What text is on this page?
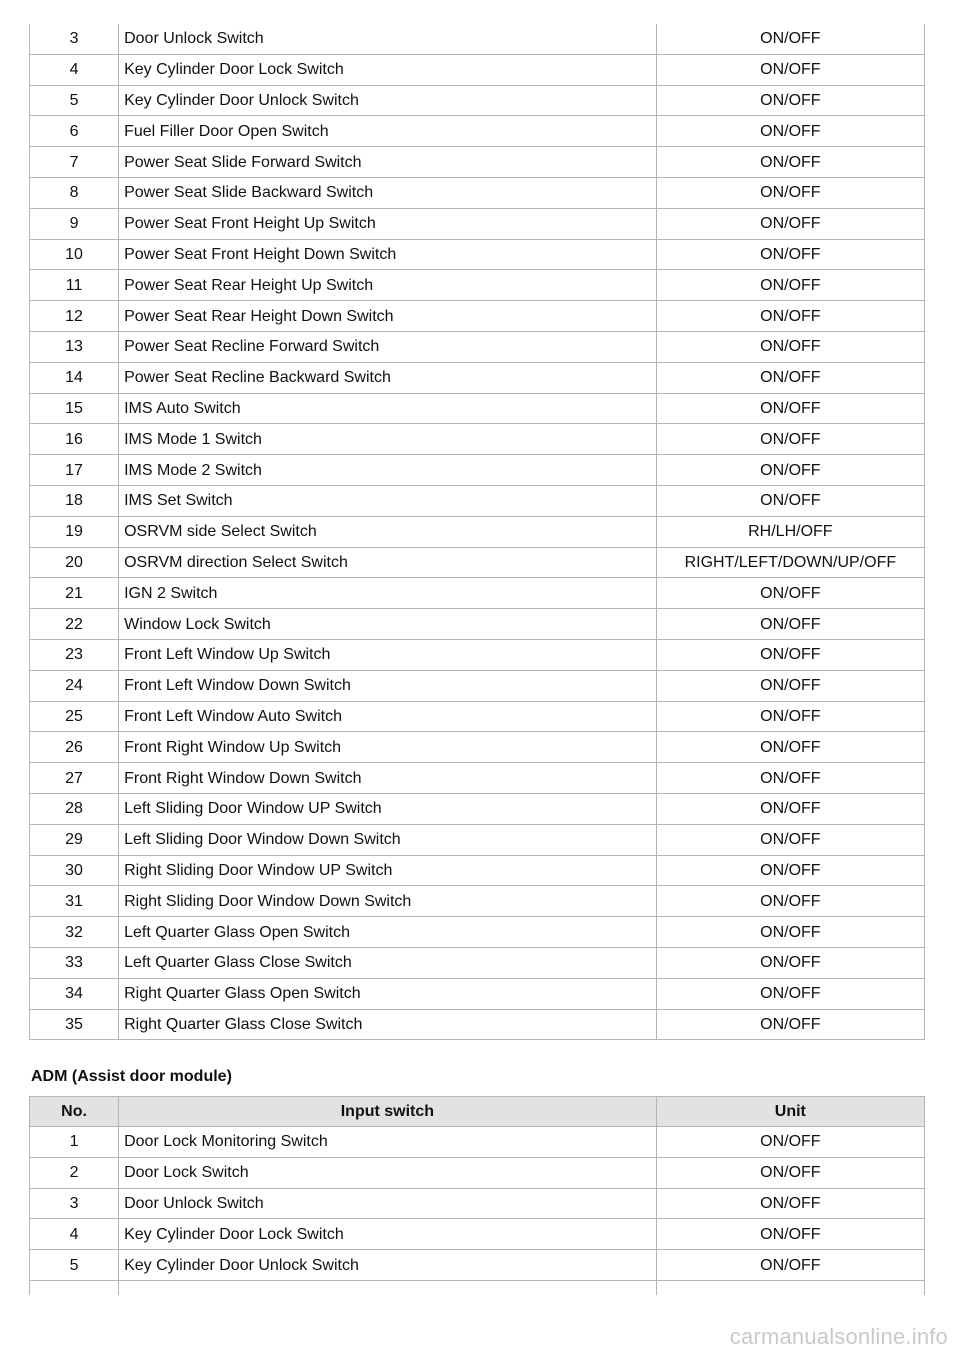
3	Door Unlock Switch	ON/OFF
4	Key Cylinder Door Lock Switch	ON/OFF
5	Key Cylinder Door Unlock Switch	ON/OFF
6	Fuel Filler Door Open Switch	ON/OFF
7	Power Seat Slide Forward Switch	ON/OFF
8	Power Seat Slide Backward Switch	ON/OFF
9	Power Seat Front Height Up Switch	ON/OFF
10	Power Seat Front Height Down Switch	ON/OFF
11	Power Seat Rear Height Up Switch	ON/OFF
12	Power Seat Rear Height Down Switch	ON/OFF
13	Power Seat Recline Forward Switch	ON/OFF
14	Power Seat Recline Backward Switch	ON/OFF
15	IMS Auto Switch	ON/OFF
16	IMS Mode 1 Switch	ON/OFF
17	IMS Mode 2 Switch	ON/OFF
18	IMS Set Switch	ON/OFF
19	OSRVM side Select Switch	RH/LH/OFF
20	OSRVM direction Select Switch	RIGHT/LEFT/DOWN/UP/OFF
21	IGN 2 Switch	ON/OFF
22	Window Lock Switch	ON/OFF
23	Front Left Window Up Switch	ON/OFF
24	Front Left Window Down Switch	ON/OFF
25	Front Left Window Auto Switch	ON/OFF
26	Front Right Window Up Switch	ON/OFF
27	Front Right Window Down Switch	ON/OFF
28	Left Sliding Door Window UP Switch	ON/OFF
29	Left Sliding Door Window Down Switch	ON/OFF
30	Right Sliding Door Window UP Switch	ON/OFF
31	Right Sliding Door Window Down Switch	ON/OFF
32	Left Quarter Glass Open Switch	ON/OFF
33	Left Quarter Glass Close Switch	ON/OFF
34	Right Quarter Glass Open Switch	ON/OFF
35	Right Quarter Glass Close Switch	ON/OFF

ADM (Assist door module)

No.	Input switch	Unit
1	Door Lock Monitoring Switch	ON/OFF
2	Door Lock Switch	ON/OFF
3	Door Unlock Switch	ON/OFF
4	Key Cylinder Door Lock Switch	ON/OFF
5	Key Cylinder Door Unlock Switch	ON/OFF

carmanualsonline.info
